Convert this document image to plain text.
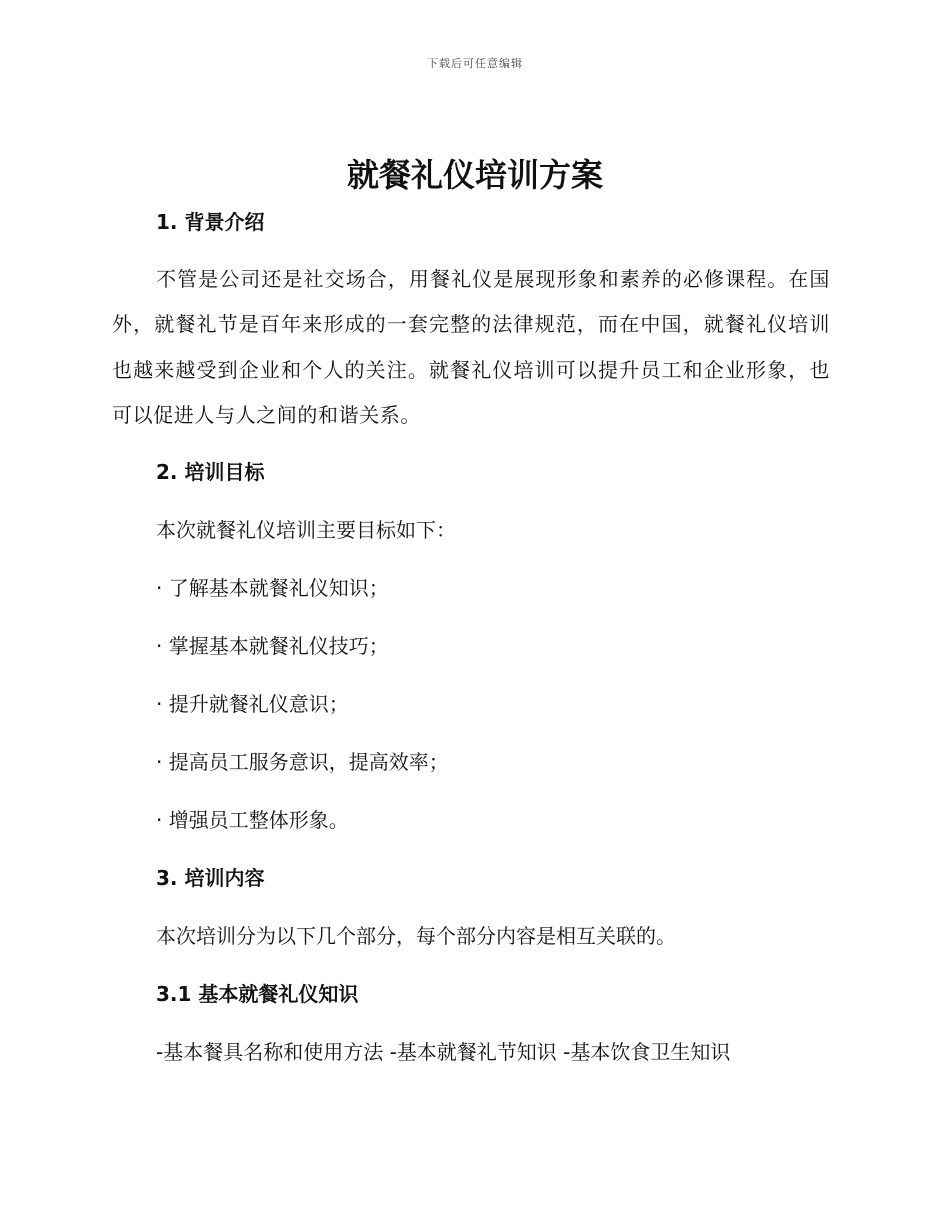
下载后可任意编辑
就餐礼仪培训方案
1. 背景介绍

不管是公司还是社交场合，用餐礼仪是展现形象和素养的必修课程。在国外，就餐礼节是百年来形成的一套完整的法律规范，而在中国，就餐礼仪培训也越来越受到企业和个人的关注。就餐礼仪培训可以提升员工和企业形象，也可以促进人与人之间的和谐关系。

2. 培训目标

本次就餐礼仪培训主要目标如下：

· 了解基本就餐礼仪知识；

· 掌握基本就餐礼仪技巧；

· 提升就餐礼仪意识；

· 提高员工服务意识，提高效率；

· 增强员工整体形象。

3. 培训内容

本次培训分为以下几个部分，每个部分内容是相互关联的。

3.1 基本就餐礼仪知识

-基本餐具名称和使用方法 -基本就餐礼节知识 -基本饮食卫生知识
